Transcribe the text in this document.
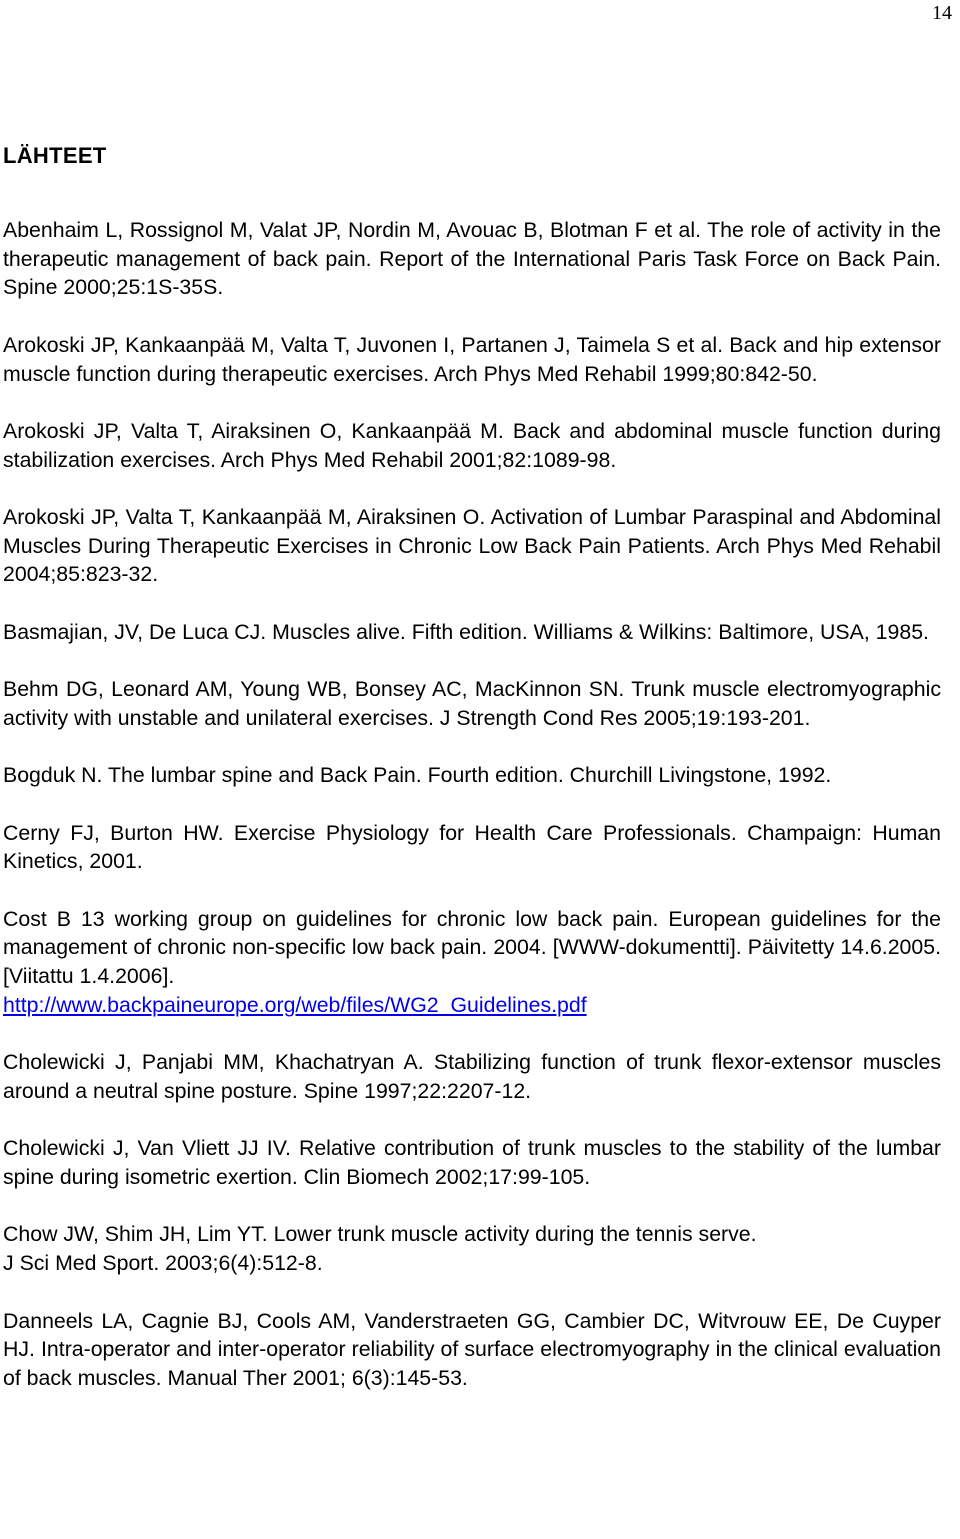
14
LÄHTEET
Abenhaim L, Rossignol M, Valat JP, Nordin M, Avouac B, Blotman F et al. The role of activity in the therapeutic management of back pain. Report of the International Paris Task Force on Back Pain. Spine 2000;25:1S-35S.
Arokoski JP, Kankaanpää M, Valta T, Juvonen I, Partanen J, Taimela S et al. Back and hip extensor muscle function during therapeutic exercises. Arch Phys Med Rehabil 1999;80:842-50.
Arokoski JP, Valta T, Airaksinen O, Kankaanpää M. Back and abdominal muscle function during stabilization exercises. Arch Phys Med Rehabil 2001;82:1089-98.
Arokoski JP, Valta T, Kankaanpää M, Airaksinen O. Activation of Lumbar Paraspinal and Abdominal Muscles During Therapeutic Exercises in Chronic Low Back Pain Patients. Arch Phys Med Rehabil 2004;85:823-32.
Basmajian, JV, De Luca CJ. Muscles alive. Fifth edition. Williams & Wilkins: Baltimore, USA, 1985.
Behm DG, Leonard AM, Young WB, Bonsey AC, MacKinnon SN. Trunk muscle electromyographic activity with unstable and unilateral exercises. J Strength Cond Res 2005;19:193-201.
Bogduk N. The lumbar spine and Back Pain. Fourth edition. Churchill Livingstone, 1992.
Cerny FJ, Burton HW. Exercise Physiology for Health Care Professionals. Champaign: Human Kinetics, 2001.
Cost B 13 working group on guidelines for chronic low back pain. European guidelines for the management of chronic non-specific low back pain. 2004. [WWW-dokumentti]. Päivitetty 14.6.2005. [Viitattu 1.4.2006].
http://www.backpaineurope.org/web/files/WG2_Guidelines.pdf
Cholewicki J, Panjabi MM, Khachatryan A. Stabilizing function of trunk flexor-extensor muscles around a neutral spine posture. Spine 1997;22:2207-12.
Cholewicki J, Van Vliett JJ IV. Relative contribution of trunk muscles to the stability of the lumbar spine during isometric exertion. Clin Biomech 2002;17:99-105.
Chow JW, Shim JH, Lim YT. Lower trunk muscle activity during the tennis serve.
J Sci Med Sport. 2003;6(4):512-8.
Danneels LA, Cagnie BJ, Cools AM, Vanderstraeten GG, Cambier DC, Witvrouw EE, De Cuyper HJ. Intra-operator and inter-operator reliability of surface electromyography in the clinical evaluation of back muscles. Manual Ther 2001; 6(3):145-53.
